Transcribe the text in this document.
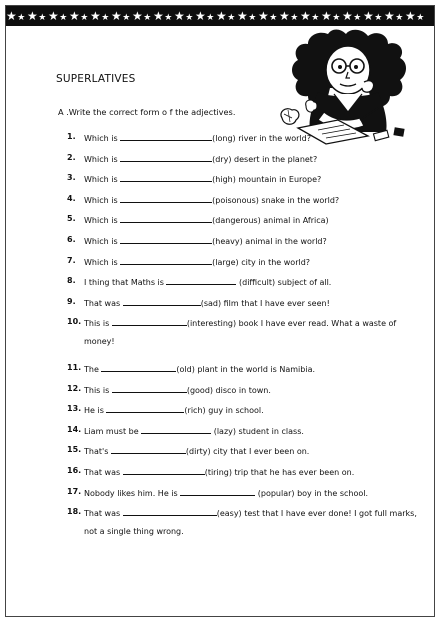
★★★★★★★★★★★★★★★★★★★★★★★★★★★★★★★★★★★★★★★★
SUPERLATIVES
A .Write the correct form o f the adjectives.
1. Which is	(long) river in the world?
2. Which is	(dry) desert in the planet?
3. Which is	(high) mountain in Europe?
4. Which is	(poisonous) snake in the world?
5. Which is	(dangerous) animal in Africa)
6. Which is	(heavy) animal in the world?
7. Which is	(large) city in the world?
8. I thing that Maths is	(difficult) subject of all.
9. That was	(sad) film that I have ever seen!
10. This is	(interesting) book I have ever read. What a waste of
money!
11. The	(old) plant in the world is Namibia.
12. This is	(good) disco in town.
13. He is	(rich) guy in school.
14. Liam must be	(lazy) student in class.
15. That's	(dirty) city that I ever been on.
16. That was	(tiring) trip that he has ever been on.
17. Nobody likes him. He is	(popular) boy in the school.
18. That was	(easy) test that I have ever done! I got full marks,
not a single thing wrong.
